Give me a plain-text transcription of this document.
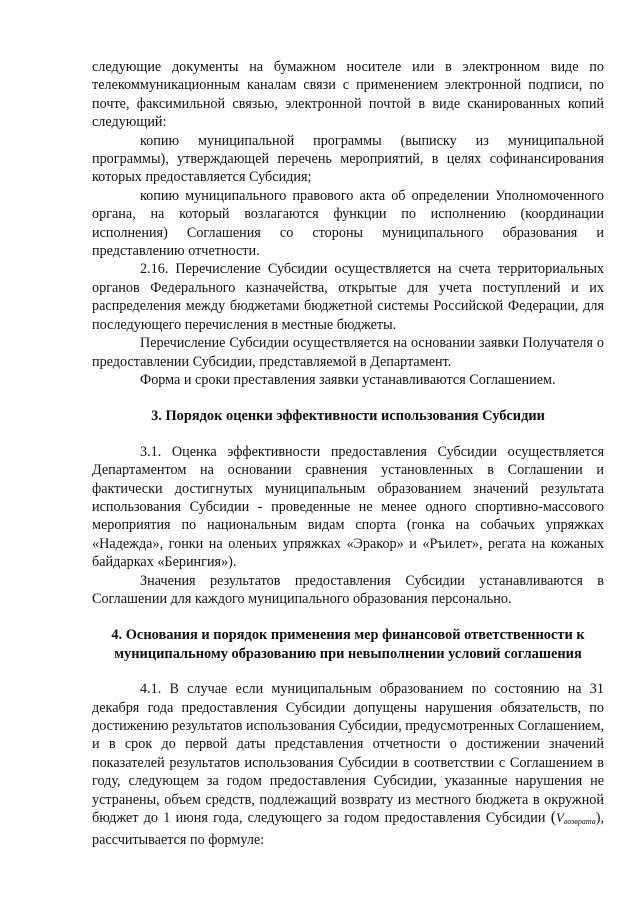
следующие документы на бумажном носителе или в электронном виде по телекоммуникационным каналам связи с применением электронной подписи, по почте, факсимильной связью, электронной почтой в виде сканированных копий следующий:

копию муниципальной программы (выписку из муниципальной программы), утверждающей перечень мероприятий, в целях софинансирования которых предоставляется Субсидия;

копию муниципального правового акта об определении Уполномоченного органа, на который возлагаются функции по исполнению (координации исполнения) Соглашения со стороны муниципального образования и представлению отчетности.

2.16. Перечисление Субсидии осуществляется на счета территориальных органов Федерального казначейства, открытые для учета поступлений и их распределения между бюджетами бюджетной системы Российской Федерации, для последующего перечисления в местные бюджеты.

Перечисление Субсидии осуществляется на основании заявки Получателя о предоставлении Субсидии, представляемой в Департамент.

Форма и сроки преставления заявки устанавливаются Соглашением.

3. Порядок оценки эффективности использования Субсидии

3.1. Оценка эффективности предоставления Субсидии осуществляется Департаментом на основании сравнения установленных в Соглашении и фактически достигнутых муниципальным образованием значений результата использования Субсидии - проведенные не менее одного спортивно-массового мероприятия по национальным видам спорта (гонка на собачьих упряжках «Надежда», гонки на оленьих упряжках «Эракор» и «Ръилет», регата на кожаных байдарках «Берингия»).

Значения результатов предоставления Субсидии устанавливаются в Соглашении для каждого муниципального образования персонально.

4. Основания и порядок применения мер финансовой ответственности к
муниципальному образованию при невыполнении условий соглашения

4.1. В случае если муниципальным образованием по состоянию на 31 декабря года предоставления Субсидии допущены нарушения обязательств, по достижению результатов использования Субсидии, предусмотренных Соглашением, и в срок до первой даты представления отчетности о достижении значений показателей результатов использования Субсидии в соответствии с Соглашением в году, следующем за годом предоставления Субсидии, указанные нарушения не устранены, объем средств, подлежащий возврату из местного бюджета в окружной бюджет до 1 июня года, следующего за годом предоставления Субсидии $(V_{возврата})$, рассчитывается по формуле:
